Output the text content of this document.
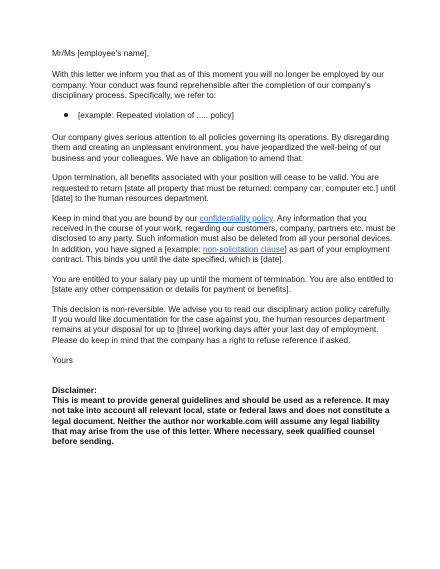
Mr/Ms [employee's name],

With this letter we inform you that as of this moment you will no longer be employed by our company. Your conduct was found reprehensible after the completion of our company's disciplinary process. Specifically, we refer to:

[example: Repeated violation of ..... policy]

Our company gives serious attention to all policies governing its operations. By disregarding them and creating an unpleasant environment, you have jeopardized the well-being of our business and your colleagues. We have an obligation to amend that.

Upon termination, all benefits associated with your position will cease to be valid. You are requested to return [state all property that must be returned: company car, computer etc.] until [date] to the human resources department.

Keep in mind that you are bound by our confidentiality policy. Any information that you received in the course of your work, regarding our customers, company, partners etc. must be disclosed to any party. Such information must also be deleted from all your personal devices. In addition, you have signed a [example: non-solicitation clause] as part of your employment contract. This binds you until the date specified, which is [date].

You are entitled to your salary pay up until the moment of termination. You are also entitled to [state any other compensation or details for payment or benefits].

This decision is non-reversible. We advise you to read our disciplinary action policy carefully. If you would like documentation for the case against you, the human resources department remains at your disposal for up to [three] working days after your last day of employment. Please do keep in mind that the company has a right to refuse reference if asked.

Yours

Disclaimer:

This is meant to provide general guidelines and should be used as a reference. It may not take into account all relevant local, state or federal laws and does not constitute a legal document. Neither the author nor workable.com will assume any legal liability that may arise from the use of this letter. Where necessary, seek qualified counsel before sending.
